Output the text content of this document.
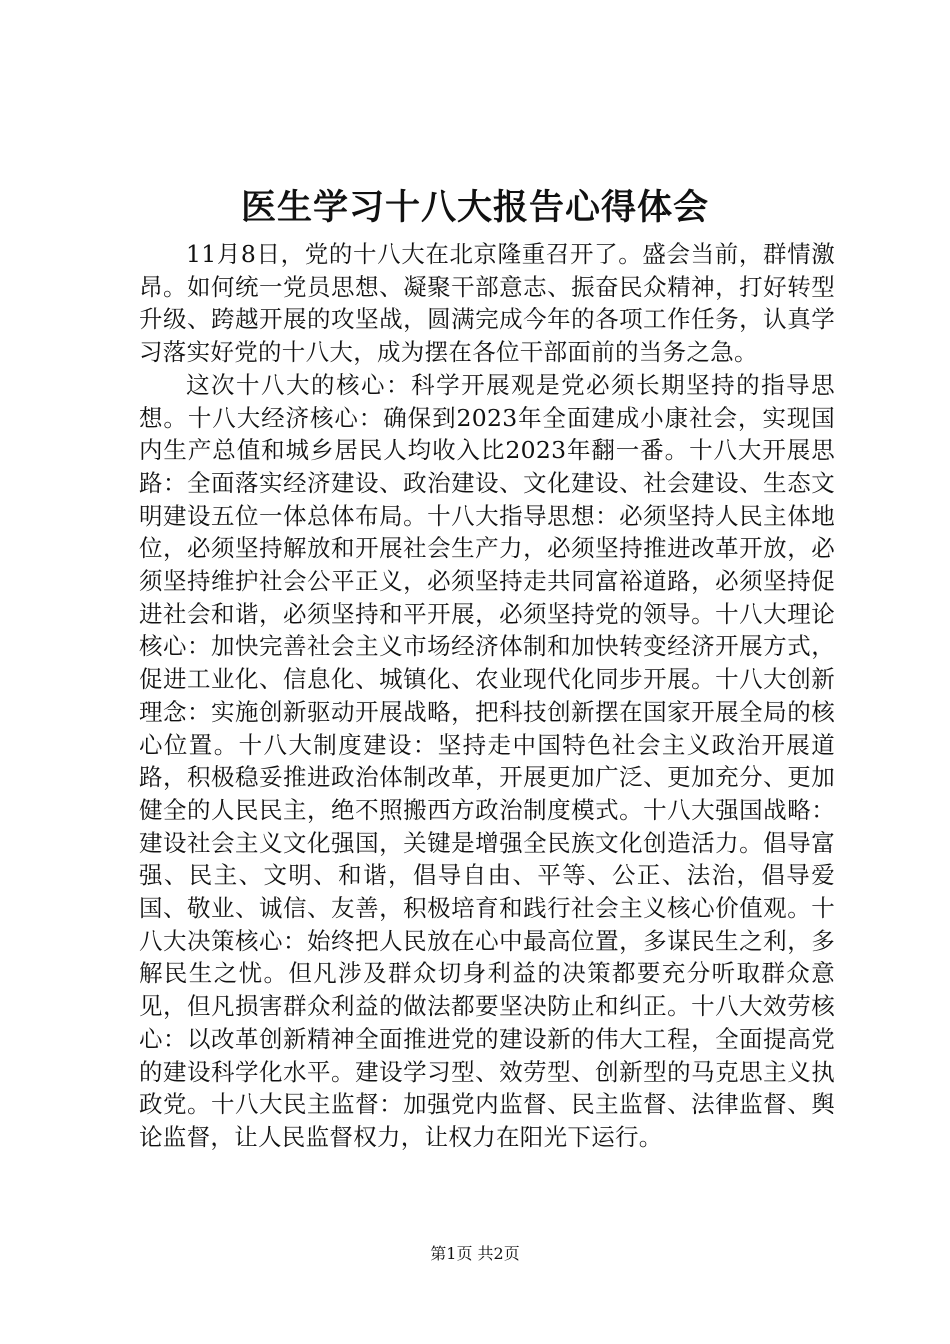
医生学习十八大报告心得体会

11月8日，党的十八大在北京隆重召开了。盛会当前，群情激昂。如何统一党员思想、凝聚干部意志、振奋民众精神，打好转型升级、跨越开展的攻坚战，圆满完成今年的各项工作任务，认真学习落实好党的十八大，成为摆在各位干部面前的当务之急。

这次十八大的核心：科学开展观是党必须长期坚持的指导思想。十八大经济核心：确保到2023年全面建成小康社会，实现国内生产总值和城乡居民人均收入比2023年翻一番。十八大开展思路：全面落实经济建设、政治建设、文化建设、社会建设、生态文明建设五位一体总体布局。十八大指导思想：必须坚持人民主体地位，必须坚持解放和开展社会生产力，必须坚持推进改革开放，必须坚持维护社会公平正义，必须坚持走共同富裕道路，必须坚持促进社会和谐，必须坚持和平开展，必须坚持党的领导。十八大理论核心：加快完善社会主义市场经济体制和加快转变经济开展方式，促进工业化、信息化、城镇化、农业现代化同步开展。十八大创新理念：实施创新驱动开展战略，把科技创新摆在国家开展全局的核心位置。十八大制度建设：坚持走中国特色社会主义政治开展道路，积极稳妥推进政治体制改革，开展更加广泛、更加充分、更加健全的人民民主，绝不照搬西方政治制度模式。十八大强国战略：建设社会主义文化强国，关键是增强全民族文化创造活力。倡导富强、民主、文明、和谐，倡导自由、平等、公正、法治，倡导爱国、敬业、诚信、友善，积极培育和践行社会主义核心价值观。十八大决策核心：始终把人民放在心中最高位置，多谋民生之利，多解民生之忧。但凡涉及群众切身利益的决策都要充分听取群众意见，但凡损害群众利益的做法都要坚决防止和纠正。十八大效劳核心：以改革创新精神全面推进党的建设新的伟大工程，全面提高党的建设科学化水平。建设学习型、效劳型、创新型的马克思主义执政党。十八大民主监督：加强党内监督、民主监督、法律监督、舆论监督，让人民监督权力，让权力在阳光下运行。

第1页 共2页
